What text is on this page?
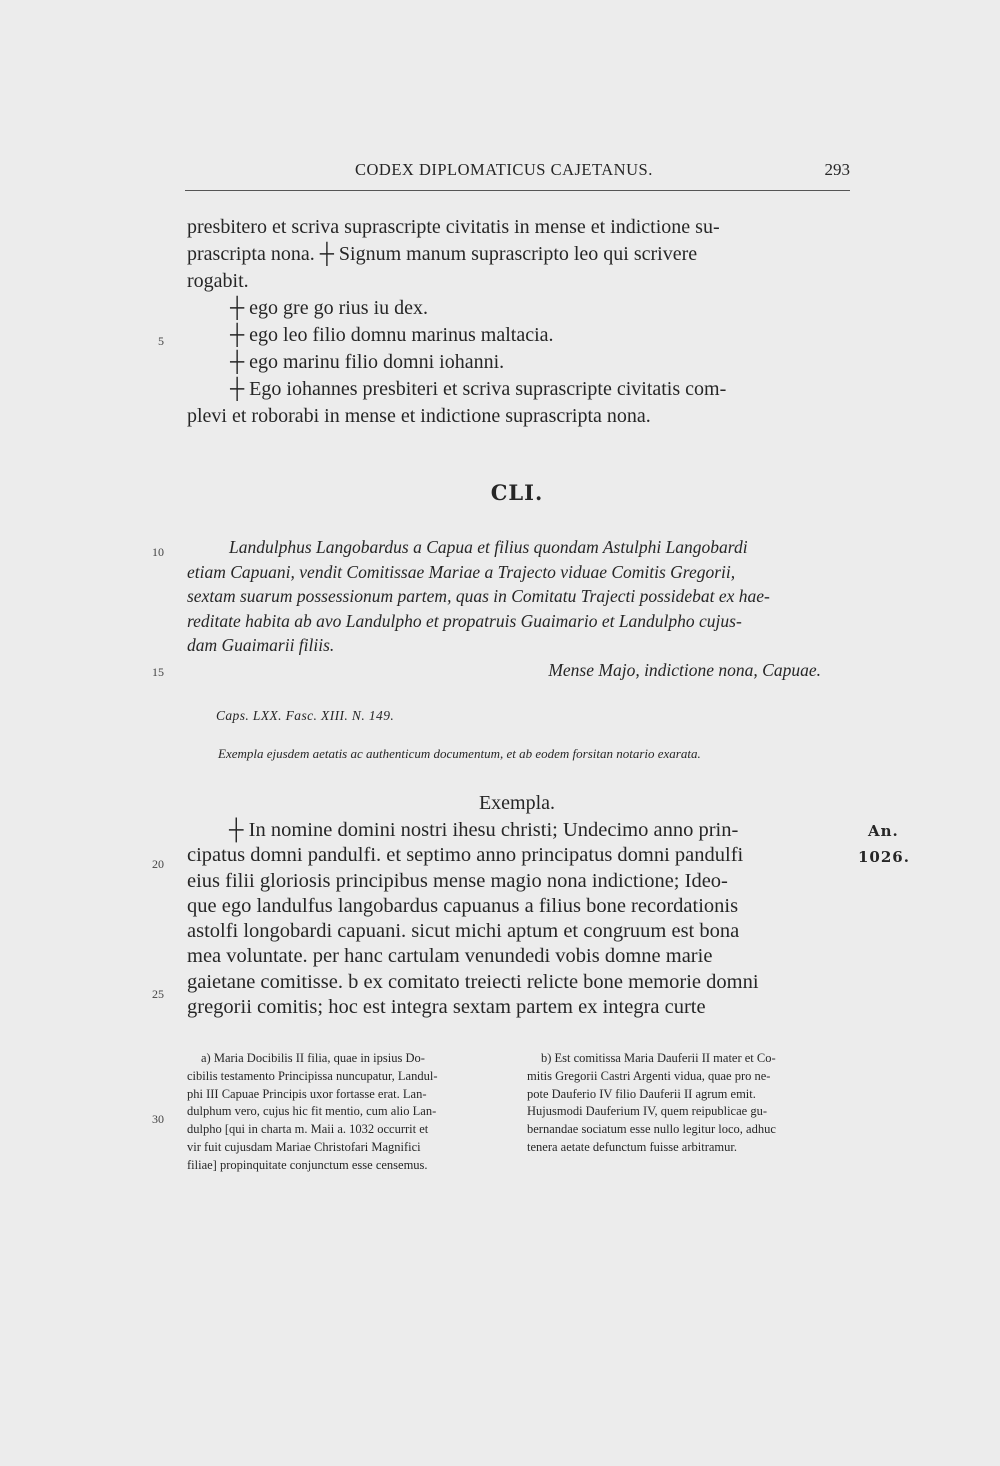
CODEX DIPLOMATICUS CAJETANUS.	293
presbitero et scriva suprascripte civitatis in mense et indictione su-
prascripta nona. ┼ Signum manum suprascripto leo qui scrivere
rogabit.
┼ ego gre go rius iu dex.
┼ ego leo filio domnu marinus maltacia.
┼ ego marinu filio domni iohanni.
┼ Ego iohannes presbiteri et scriva suprascripte civitatis com-
plevi et roborabi in mense et indictione suprascripta nona.
5
10
15
20
25
30
CLI.
Landulphus Langobardus a Capua et filius quondam Astulphi Langobardi
etiam Capuani, vendit Comitissae Mariae a Trajecto viduae Comitis Gregorii,
sextam suarum possessionum partem, quas in Comitatu Trajecti possidebat ex hae-
reditate habita ab avo Landulpho et propatruis Guaimario et Landulpho cujus-
dam Guaimarii filiis.
Mense Majo, indictione nona, Capuae.
Caps. LXX. Fasc. XIII. N. 149.
Exempla ejusdem aetatis ac authenticum documentum, et ab eodem forsitan notario exarata.
Exempla.
┼ In nomine domini nostri ihesu christi; Undecimo anno prin-
cipatus domni pandulfi. et septimo anno principatus domni pandulfi
eius filii gloriosis principibus mense magio nona indictione; Ideo-
que ego landulfus langobardus capuanus a filius bone recordationis
astolfi longobardi capuani. sicut michi aptum et congruum est bona
mea voluntate. per hanc cartulam venundedi vobis domne marie
gaietane comitisse. b ex comitato treiecti relicte bone memorie domni
gregorii comitis; hoc est integra sextam partem ex integra curte
An.
1026.
a) Maria Docibilis II filia, quae in ipsius Do-
cibilis testamento Principissa nuncupatur, Landul-
phi III Capuae Principis uxor fortasse erat. Lan-
dulphum vero, cujus hic fit mentio, cum alio Lan-
dulpho [qui in charta m. Maii a. 1032 occurrit et
vir fuit cujusdam Mariae Christofari Magnifici
filiae] propinquitate conjunctum esse censemus.
b) Est comitissa Maria Dauferii II mater et Co-
mitis Gregorii Castri Argenti vidua, quae pro ne-
pote Dauferio IV filio Dauferii II agrum emit.
Hujusmodi Dauferium IV, quem reipublicae gu-
bernandae sociatum esse nullo legitur loco, adhuc
tenera aetate defunctum fuisse arbitramur.
